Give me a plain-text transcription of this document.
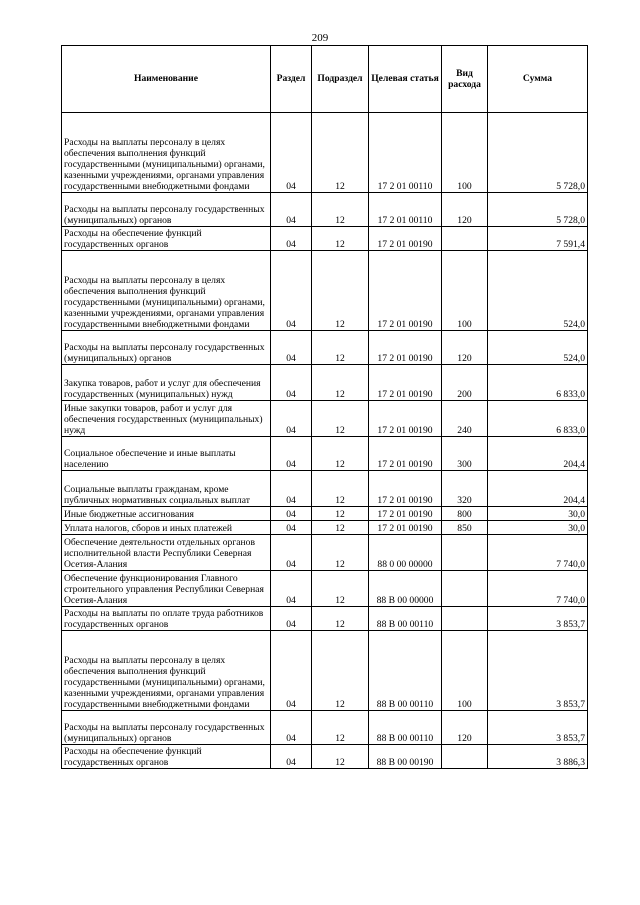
209
Наименование	Раздел	Подраздел	Целевая статья	Вид расхода	Сумма
Расходы на выплаты персоналу в целях обеспечения выполнения функций государственными (муниципальными) органами, казенными учреждениями, органами управления государственными внебюджетными фондами	04	12	17 2 01 00110	100	5 728,0
Расходы на выплаты персоналу государственных (муниципальных) органов	04	12	17 2 01 00110	120	5 728,0
Расходы на обеспечение функций государственных органов	04	12	17 2 01 00190		7 591,4
Расходы на выплаты персоналу в целях обеспечения выполнения функций государственными (муниципальными) органами, казенными учреждениями, органами управления государственными внебюджетными фондами	04	12	17 2 01 00190	100	524,0
Расходы на выплаты персоналу государственных (муниципальных) органов	04	12	17 2 01 00190	120	524,0
Закупка товаров, работ и услуг для обеспечения государственных (муниципальных) нужд	04	12	17 2 01 00190	200	6 833,0
Иные закупки товаров, работ и услуг для обеспечения государственных (муниципальных) нужд	04	12	17 2 01 00190	240	6 833,0
Социальное обеспечение и иные выплаты населению	04	12	17 2 01 00190	300	204,4
Социальные выплаты гражданам, кроме публичных нормативных социальных выплат	04	12	17 2 01 00190	320	204,4
Иные бюджетные ассигнования	04	12	17 2 01 00190	800	30,0
Уплата налогов, сборов и иных платежей	04	12	17 2 01 00190	850	30,0
Обеспечение деятельности отдельных органов исполнительной власти Республики Северная Осетия-Алания	04	12	88 0 00 00000		7 740,0
Обеспечение функционирования Главного строительного управления Республики Северная Осетия-Алания	04	12	88 В 00 00000		7 740,0
Расходы на выплаты по оплате труда работников государственных органов	04	12	88 В 00 00110		3 853,7
Расходы на выплаты персоналу в целях обеспечения выполнения функций государственными (муниципальными) органами, казенными учреждениями, органами управления государственными внебюджетными фондами	04	12	88 В 00 00110	100	3 853,7
Расходы на выплаты персоналу государственных (муниципальных) органов	04	12	88 В 00 00110	120	3 853,7
Расходы на обеспечение функций государственных органов	04	12	88 В 00 00190		3 886,3
